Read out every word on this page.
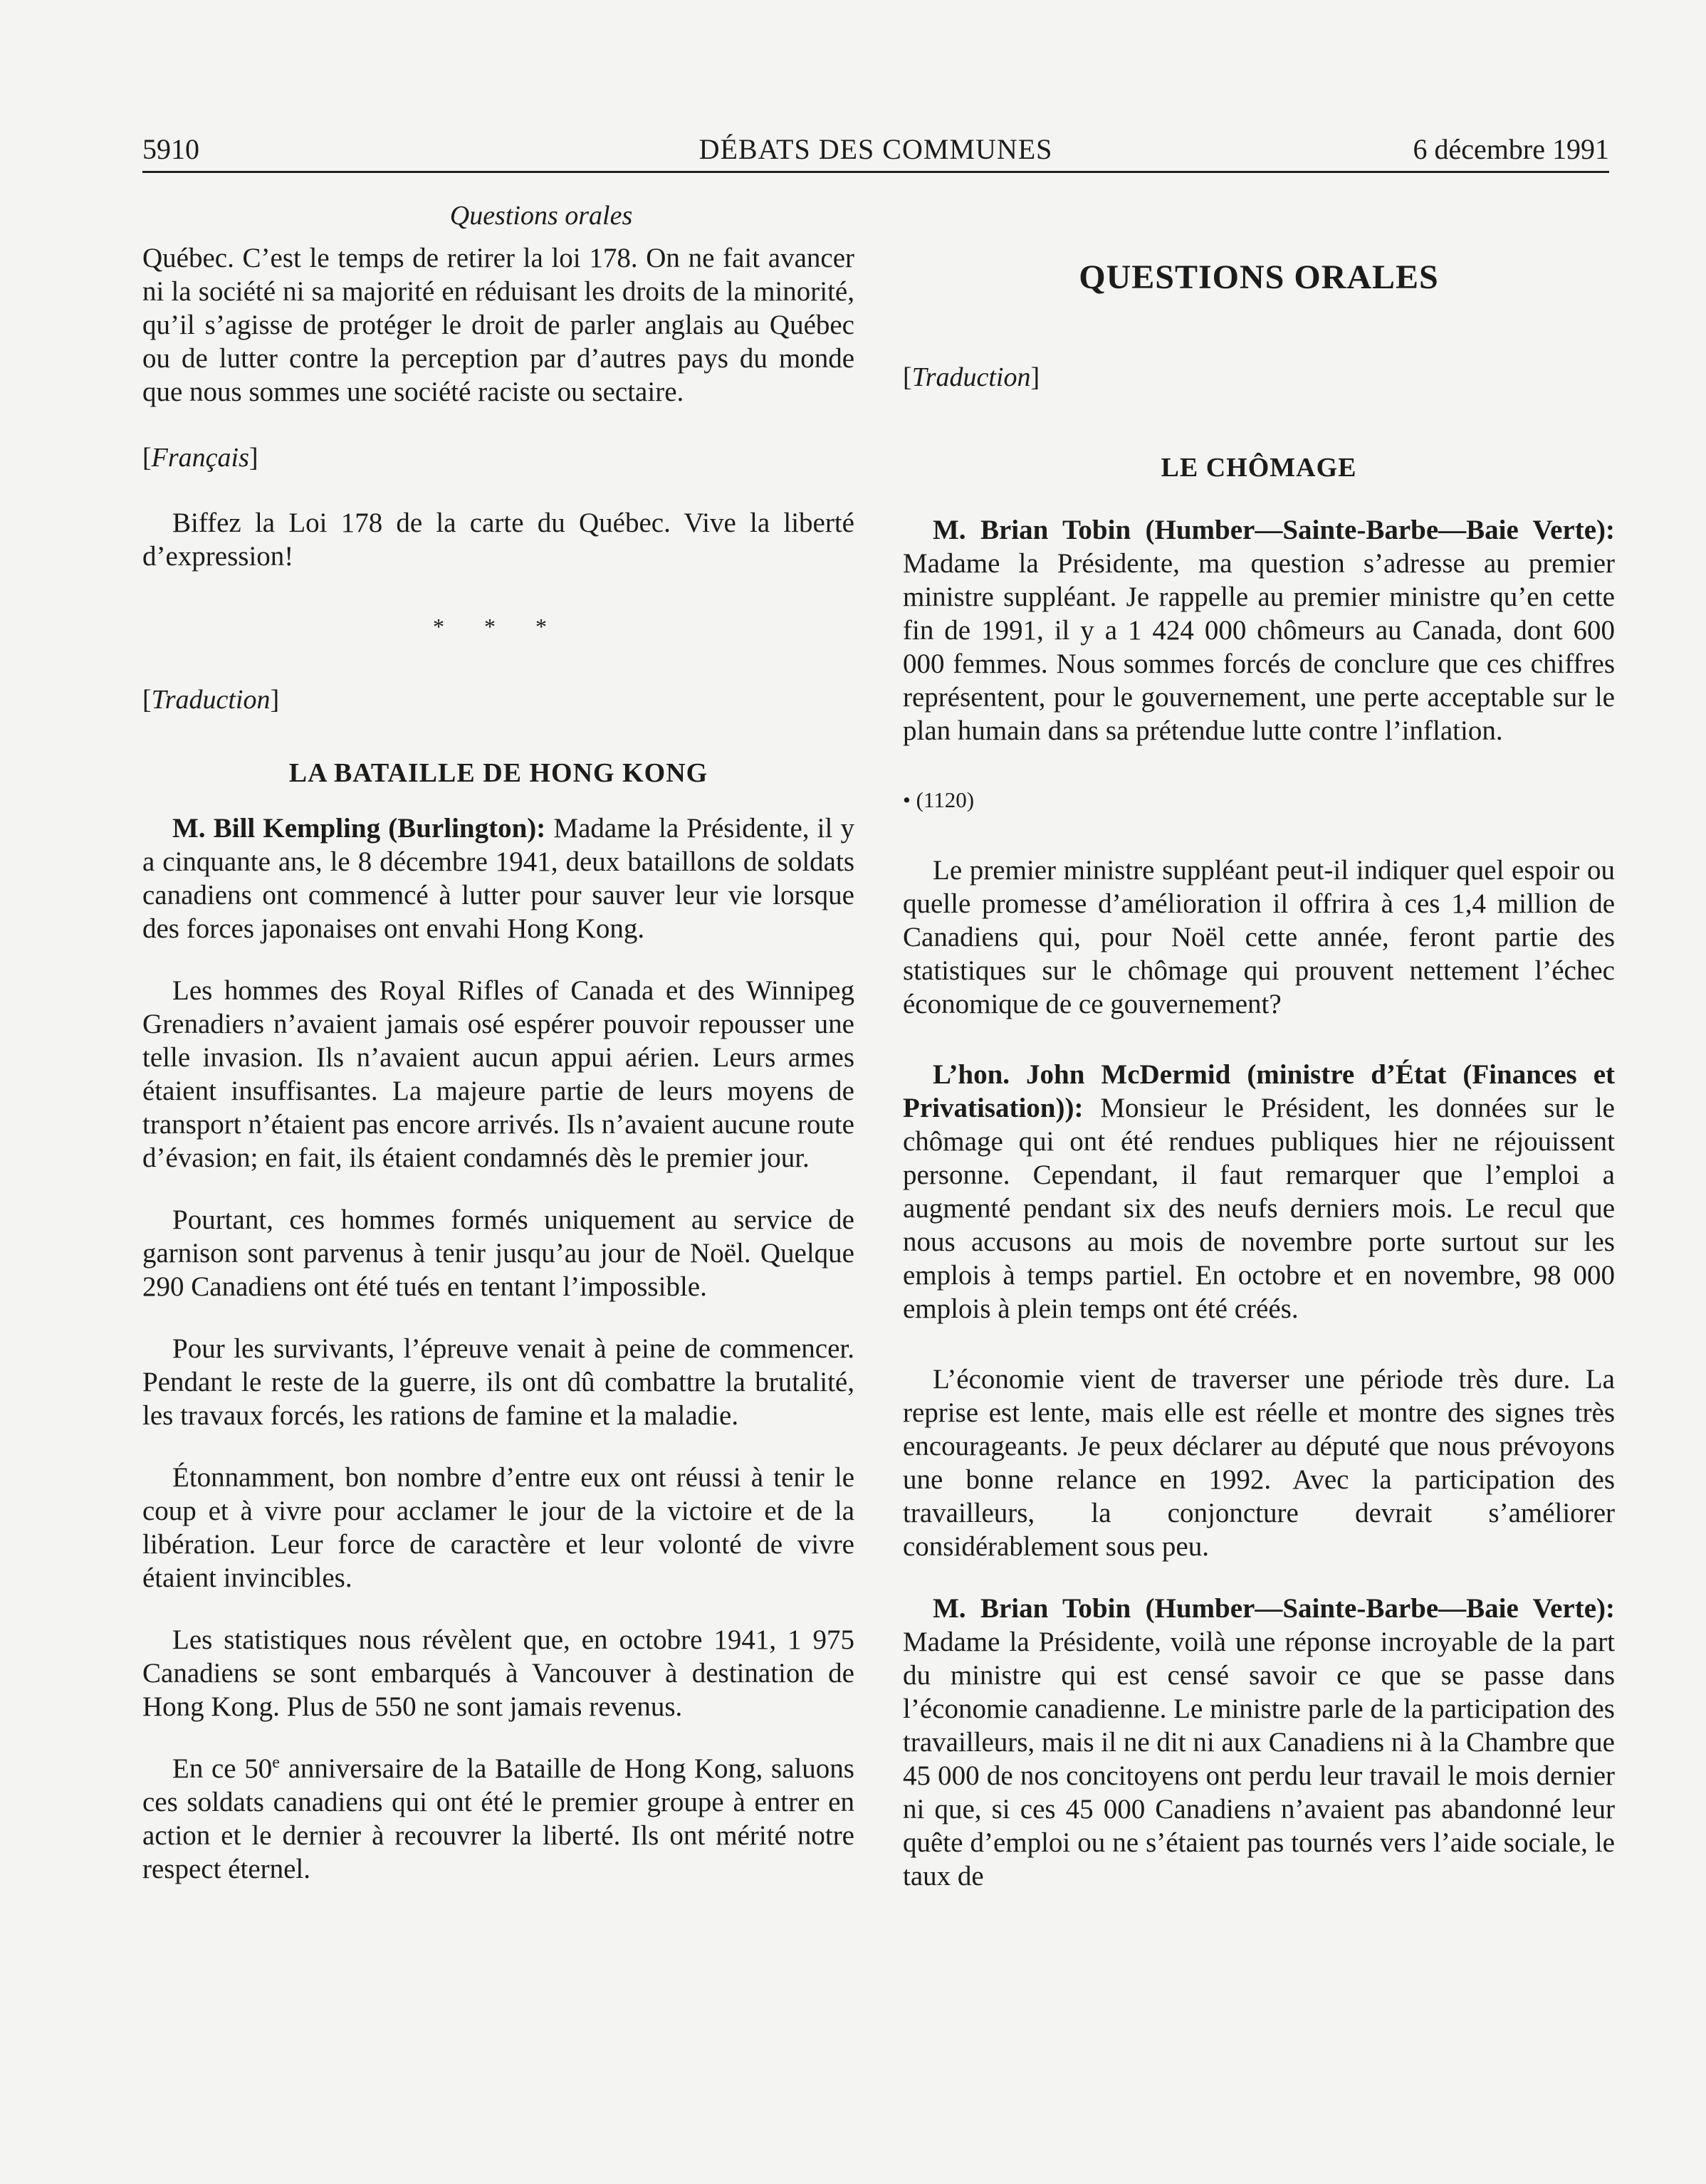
5910	DÉBATS DES COMMUNES	6 décembre 1991

Questions orales

Québec. C’est le temps de retirer la loi 178. On ne fait avancer ni la société ni sa majorité en réduisant les droits de la minorité, qu’il s’agisse de protéger le droit de parler anglais au Québec ou de lutter contre la perception par d’autres pays du monde que nous sommes une société raciste ou sectaire.

[Français]

Biffez la Loi 178 de la carte du Québec. Vive la liberté d’expression!

* * *

[Traduction]

LA BATAILLE DE HONG KONG

M. Bill Kempling (Burlington): Madame la Présidente, il y a cinquante ans, le 8 décembre 1941, deux bataillons de soldats canadiens ont commencé à lutter pour sauver leur vie lorsque des forces japonaises ont envahi Hong Kong.

Les hommes des Royal Rifles of Canada et des Winnipeg Grenadiers n’avaient jamais osé espérer pouvoir repousser une telle invasion. Ils n’avaient aucun appui aérien. Leurs armes étaient insuffisantes. La majeure partie de leurs moyens de transport n’étaient pas encore arrivés. Ils n’avaient aucune route d’évasion; en fait, ils étaient condamnés dès le premier jour.

Pourtant, ces hommes formés uniquement au service de garnison sont parvenus à tenir jusqu’au jour de Noël. Quelque 290 Canadiens ont été tués en tentant l’impossible.

Pour les survivants, l’épreuve venait à peine de commencer. Pendant le reste de la guerre, ils ont dû combattre la brutalité, les travaux forcés, les rations de famine et la maladie.

Étonnamment, bon nombre d’entre eux ont réussi à tenir le coup et à vivre pour acclamer le jour de la victoire et de la libération. Leur force de caractère et leur volonté de vivre étaient invincibles.

Les statistiques nous révèlent que, en octobre 1941, 1 975 Canadiens se sont embarqués à Vancouver à destination de Hong Kong. Plus de 550 ne sont jamais revenus.

En ce 50e anniversaire de la Bataille de Hong Kong, saluons ces soldats canadiens qui ont été le premier groupe à entrer en action et le dernier à recouvrer la liberté. Ils ont mérité notre respect éternel.

QUESTIONS ORALES

[Traduction]

LE CHÔMAGE

M. Brian Tobin (Humber—Sainte-Barbe—Baie Verte): Madame la Présidente, ma question s’adresse au premier ministre suppléant. Je rappelle au premier ministre qu’en cette fin de 1991, il y a 1 424 000 chômeurs au Canada, dont 600 000 femmes. Nous sommes forcés de conclure que ces chiffres représentent, pour le gouvernement, une perte acceptable sur le plan humain dans sa prétendue lutte contre l’inflation.

• (1120)

Le premier ministre suppléant peut-il indiquer quel espoir ou quelle promesse d’amélioration il offrira à ces 1,4 million de Canadiens qui, pour Noël cette année, feront partie des statistiques sur le chômage qui prouvent nettement l’échec économique de ce gouvernement?

L’hon. John McDermid (ministre d’État (Finances et Privatisation)): Monsieur le Président, les données sur le chômage qui ont été rendues publiques hier ne réjouissent personne. Cependant, il faut remarquer que l’emploi a augmenté pendant six des neufs derniers mois. Le recul que nous accusons au mois de novembre porte surtout sur les emplois à temps partiel. En octobre et en novembre, 98 000 emplois à plein temps ont été créés.

L’économie vient de traverser une période très dure. La reprise est lente, mais elle est réelle et montre des signes très encourageants. Je peux déclarer au député que nous prévoyons une bonne relance en 1992. Avec la participation des travailleurs, la conjoncture devrait s’améliorer considérablement sous peu.

M. Brian Tobin (Humber—Sainte-Barbe—Baie Verte): Madame la Présidente, voilà une réponse incroyable de la part du ministre qui est censé savoir ce que se passe dans l’économie canadienne. Le ministre parle de la participation des travailleurs, mais il ne dit ni aux Canadiens ni à la Chambre que 45 000 de nos concitoyens ont perdu leur travail le mois dernier ni que, si ces 45 000 Canadiens n’avaient pas abandonné leur quête d’emploi ou ne s’étaient pas tournés vers l’aide sociale, le taux de
